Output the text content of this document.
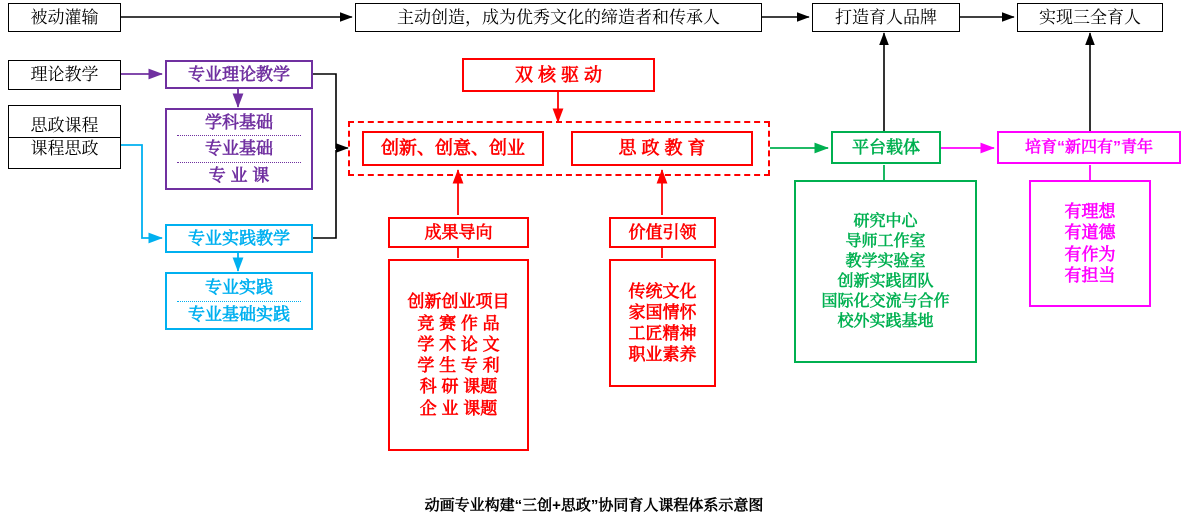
被动灌输	主动创造，成为优秀文化的缔造者和传承人	打造育人品牌	实现三全育人
理论教学
思政课程
课程思政
专业理论教学
学科基础
专业基础
专 业 课
专业实践教学
专业实践
专业基础实践
双 核 驱 动
创新、创意、创业	思 政 教 育
成果导向
创新创业项目
竞 赛 作 品
学 术 论 文
学 生 专 利
科 研 课题
企 业 课题
价值引领
传统文化
家国情怀
工匠精神
职业素养
平台载体
研究中心
导师工作室
教学实验室
创新实践团队
国际化交流与合作
校外实践基地
培育“新四有”青年
有理想
有道德
有作为
有担当
动画专业构建“三创+思政”协同育人课程体系示意图
